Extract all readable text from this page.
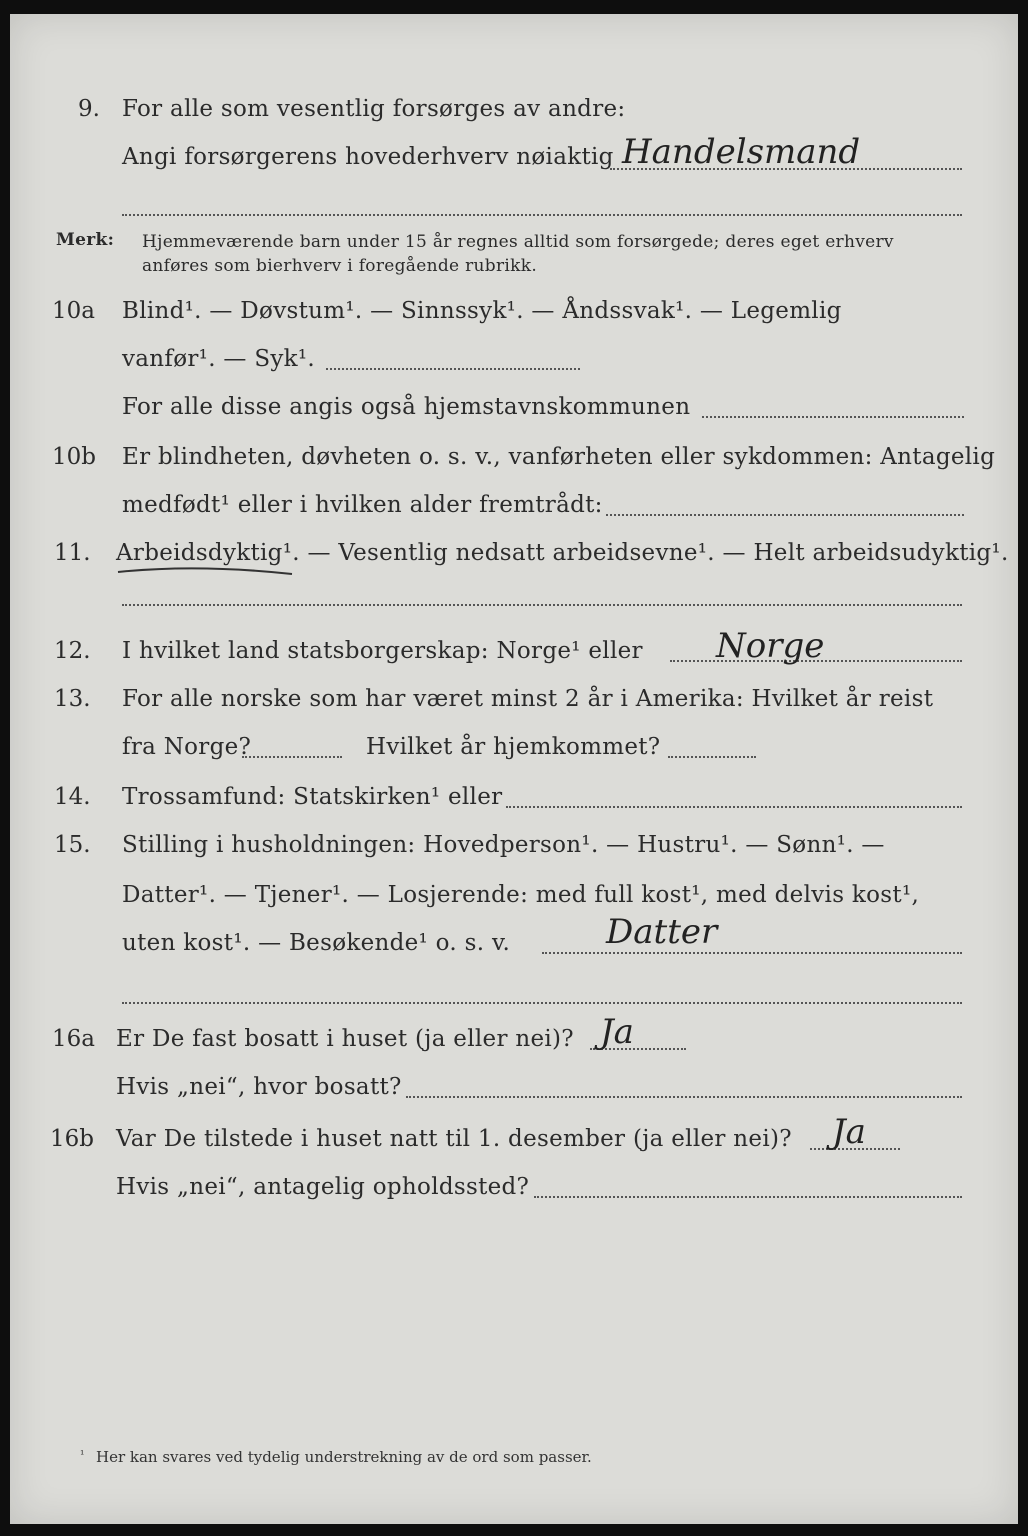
9. For alle som vesentlig forsørges av andre:
Angi forsørgerens hovederhverv nøiaktig Handelsmand
Merk: Hjemmeværende barn under 15 år regnes alltid som forsørgede; deres eget erhverv
anføres som bierhverv i foregående rubrikk.
10a Blind¹. — Døvstum¹. — Sinnssyk¹. — Åndssvak¹. — Legemlig
vanfør¹. — Syk¹.
For alle disse angis også hjemstavnskommunen
10b Er blindheten, døvheten o. s. v., vanførheten eller sykdommen: Antagelig
medfødt¹ eller i hvilken alder fremtrådt:
11. Arbeidsdyktig¹. — Vesentlig nedsatt arbeidsevne¹. — Helt arbeidsudyktig¹.
12. I hvilket land statsborgerskap: Norge¹ eller Norge
13. For alle norske som har været minst 2 år i Amerika: Hvilket år reist
fra Norge?	Hvilket år hjemkommet?
14. Trossamfund: Statskirken¹ eller
15. Stilling i husholdningen: Hovedperson¹. — Hustru¹. — Sønn¹. —
Datter¹. — Tjener¹. — Losjerende: med full kost¹, med delvis kost¹,
uten kost¹. — Besøkende¹ o. s. v.	Datter
16a Er De fast bosatt i huset (ja eller nei)? Ja
Hvis „nei“, hvor bosatt?
16b Var De tilstede i huset natt til 1. desember (ja eller nei)? Ja
Hvis „nei“, antagelig opholdssted?
¹ Her kan svares ved tydelig understrekning av de ord som passer.
